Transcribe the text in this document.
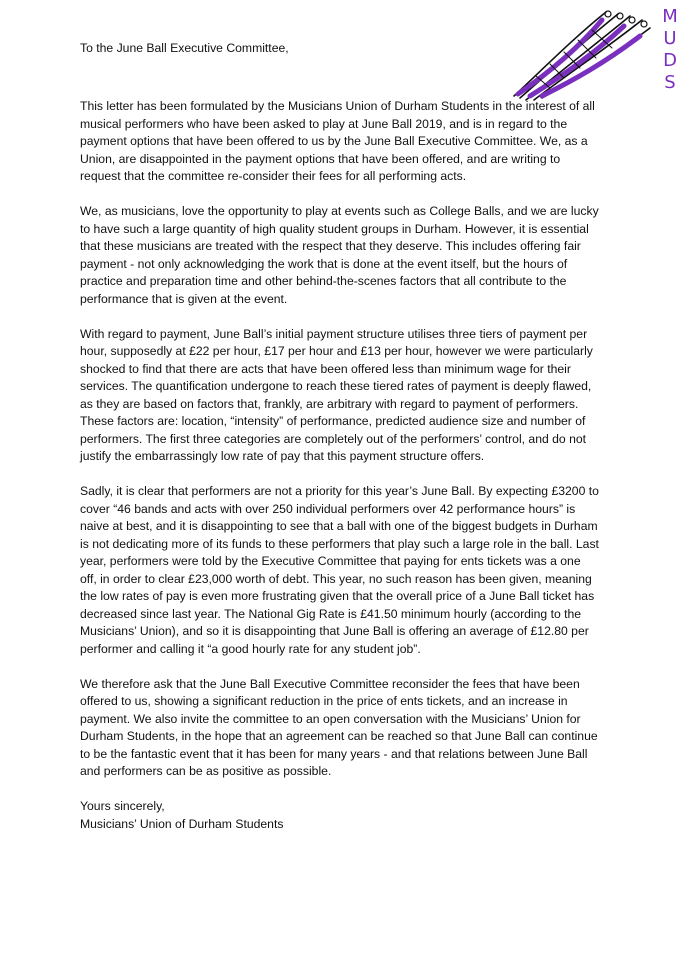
To the June Ball Executive Committee,
M
U
D
S

This letter has been formulated by the Musicians Union of Durham Students in the interest of all musical performers who have been asked to play at June Ball 2019, and is in regard to the payment options that have been offered to us by the June Ball Executive Committee. We, as a Union, are disappointed in the payment options that have been offered, and are writing to request that the committee re-consider their fees for all performing acts.

We, as musicians, love the opportunity to play at events such as College Balls, and we are lucky to have such a large quantity of high quality student groups in Durham. However, it is essential that these musicians are treated with the respect that they deserve. This includes offering fair payment - not only acknowledging the work that is done at the event itself, but the hours of practice and preparation time and other behind-the-scenes factors that all contribute to the performance that is given at the event.

With regard to payment, June Ball’s initial payment structure utilises three tiers of payment per hour, supposedly at £22 per hour, £17 per hour and £13 per hour, however we were particularly shocked to find that there are acts that have been offered less than minimum wage for their services. The quantification undergone to reach these tiered rates of payment is deeply flawed, as they are based on factors that, frankly, are arbitrary with regard to payment of performers. These factors are: location, “intensity” of performance, predicted audience size and number of performers. The first three categories are completely out of the performers’ control, and do not justify the embarrassingly low rate of pay that this payment structure offers.

Sadly, it is clear that performers are not a priority for this year’s June Ball. By expecting £3200 to cover “46 bands and acts with over 250 individual performers over 42 performance hours” is naive at best, and it is disappointing to see that a ball with one of the biggest budgets in Durham is not dedicating more of its funds to these performers that play such a large role in the ball. Last year, performers were told by the Executive Committee that paying for ents tickets was a one off, in order to clear £23,000 worth of debt. This year, no such reason has been given, meaning the low rates of pay is even more frustrating given that the overall price of a June Ball ticket has decreased since last year. The National Gig Rate is £41.50 minimum hourly (according to the Musicians’ Union), and so it is disappointing that June Ball is offering an average of £12.80 per performer and calling it “a good hourly rate for any student job”.

We therefore ask that the June Ball Executive Committee reconsider the fees that have been offered to us, showing a significant reduction in the price of ents tickets, and an increase in payment. We also invite the committee to an open conversation with the Musicians’ Union for Durham Students, in the hope that an agreement can be reached so that June Ball can continue to be the fantastic event that it has been for many years - and that relations between June Ball and performers can be as positive as possible.

Yours sincerely,
Musicians’ Union of Durham Students
